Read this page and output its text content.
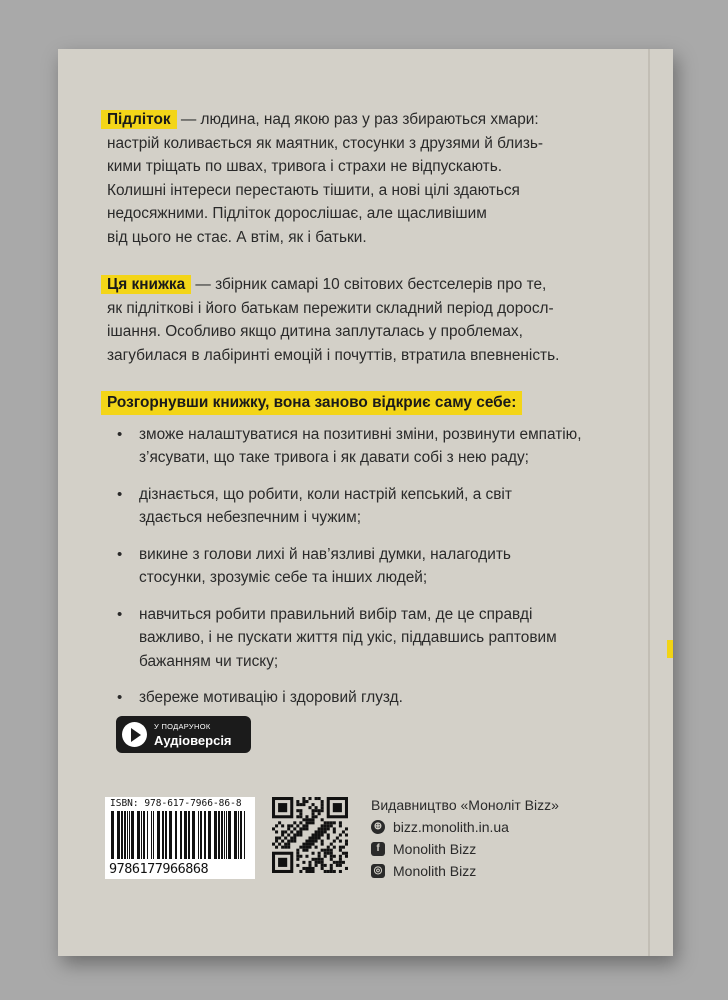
Підліток — людина, над якою раз у раз збираються хмари:
настрій коливається як маятник, стосунки з друзями й близь-
кими тріщать по швах, тривога і страхи не відпускають.
Колишні інтереси перестають тішити, а нові цілі здаються
недосяжними. Підліток дорослішає, але щасливішим
від цього не стає. А втім, як і батьки.
Ця книжка — збірник самарі 10 світових бестселерів про те,
як підліткові і його батькам пережити складний період доросл-
ішання. Особливо якщо дитина заплуталась у проблемах,
загубилася в лабіринті емоцій і почуттів, втратила впевненість.
Розгорнувши книжку, вона заново відкриє саму себе:
• зможе налаштуватися на позитивні зміни, розвинути емпатію,
з’ясувати, що таке тривога і як давати собі з нею раду;
• дізнається, що робити, коли настрій кепський, а світ
здається небезпечним і чужим;
• викине з голови лихі й нав’язливі думки, налагодить
стосунки, зрозуміє себе та інших людей;
• навчиться робити правильний вибір там, де це справді
важливо, і не пускати життя під укіс, піддавшись раптовим
бажанням чи тиску;
• збереже мотивацію і здоровий глузд.
У ПОДАРУНОК
Аудіоверсія
ISBN: 978-617-7966-86-8
9786177966868
Видавництво «Моноліт Bizz»
⊕ bizz.monolith.in.ua
f Monolith Bizz
◎ Monolith Bizz
